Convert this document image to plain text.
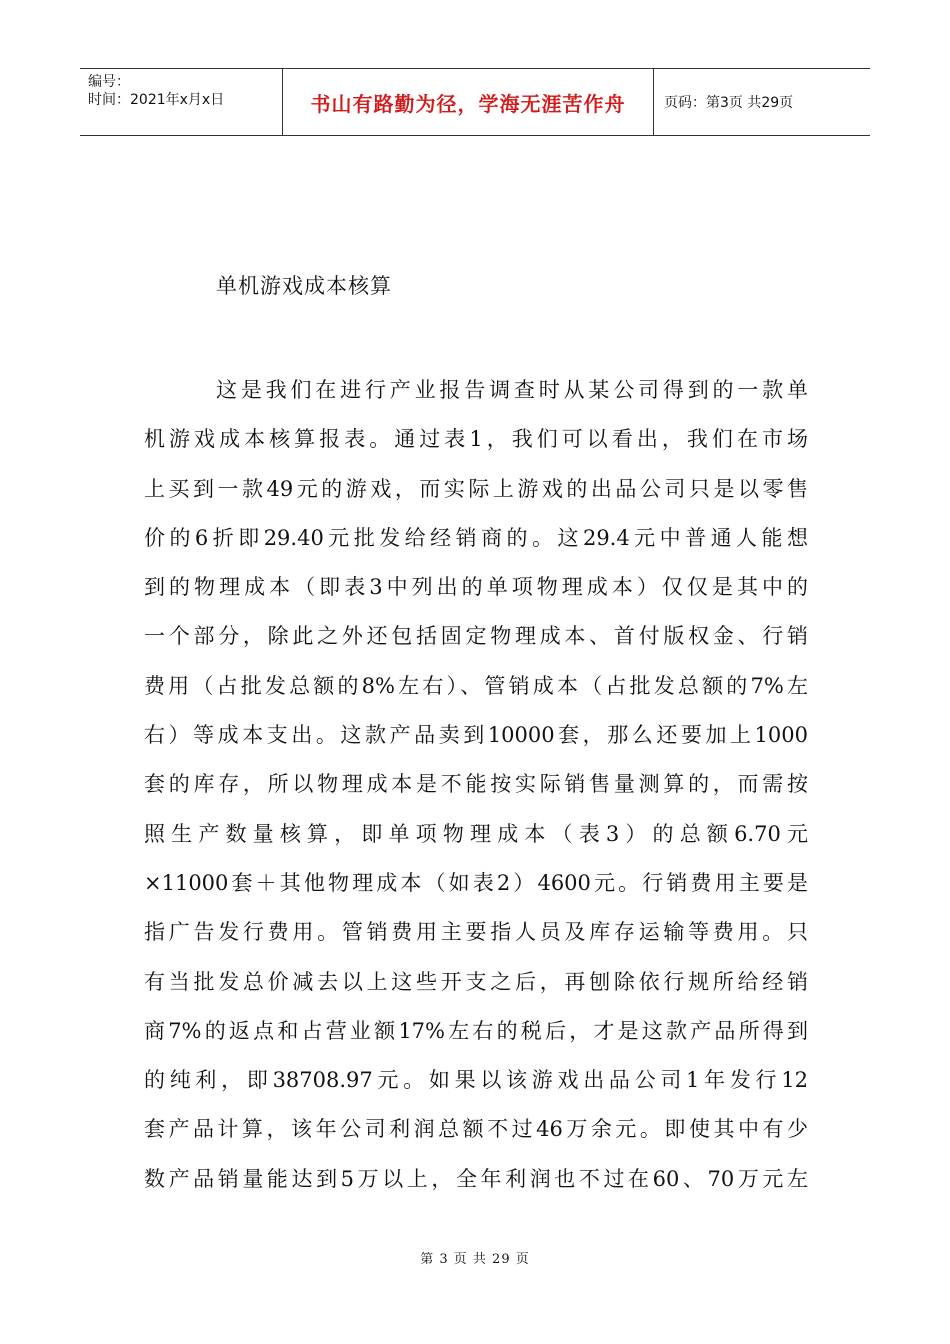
编号：
时间：2021年x月x日	书山有路勤为径，学海无涯苦作舟	页码：第3页 共29页
单机游戏成本核算
这是我们在进行产业报告调查时从某公司得到的一款单
机游戏成本核算报表。通过表1，我们可以看出，我们在市场
上买到一款49元的游戏，而实际上游戏的出品公司只是以零售
价的6折即29.40元批发给经销商的。这29.4元中普通人能想
到的物理成本（即表3中列出的单项物理成本）仅仅是其中的
一个部分，除此之外还包括固定物理成本、首付版权金、行销
费用（占批发总额的8%左右）、管销成本（占批发总额的7%左
右）等成本支出。这款产品卖到10000套，那么还要加上1000
套的库存，所以物理成本是不能按实际销售量测算的，而需按
照生产数量核算，即单项物理成本（表3）的总额6.70元
×11000套＋其他物理成本（如表2）4600元。行销费用主要是
指广告发行费用。管销费用主要指人员及库存运输等费用。只
有当批发总价减去以上这些开支之后，再刨除依行规所给经销
商7%的返点和占营业额17%左右的税后，才是这款产品所得到
的纯利，即38708.97元。如果以该游戏出品公司1年发行12
套产品计算，该年公司利润总额不过46万余元。即使其中有少
数产品销量能达到5万以上，全年利润也不过在60、70万元左
第 3 页 共 29 页
